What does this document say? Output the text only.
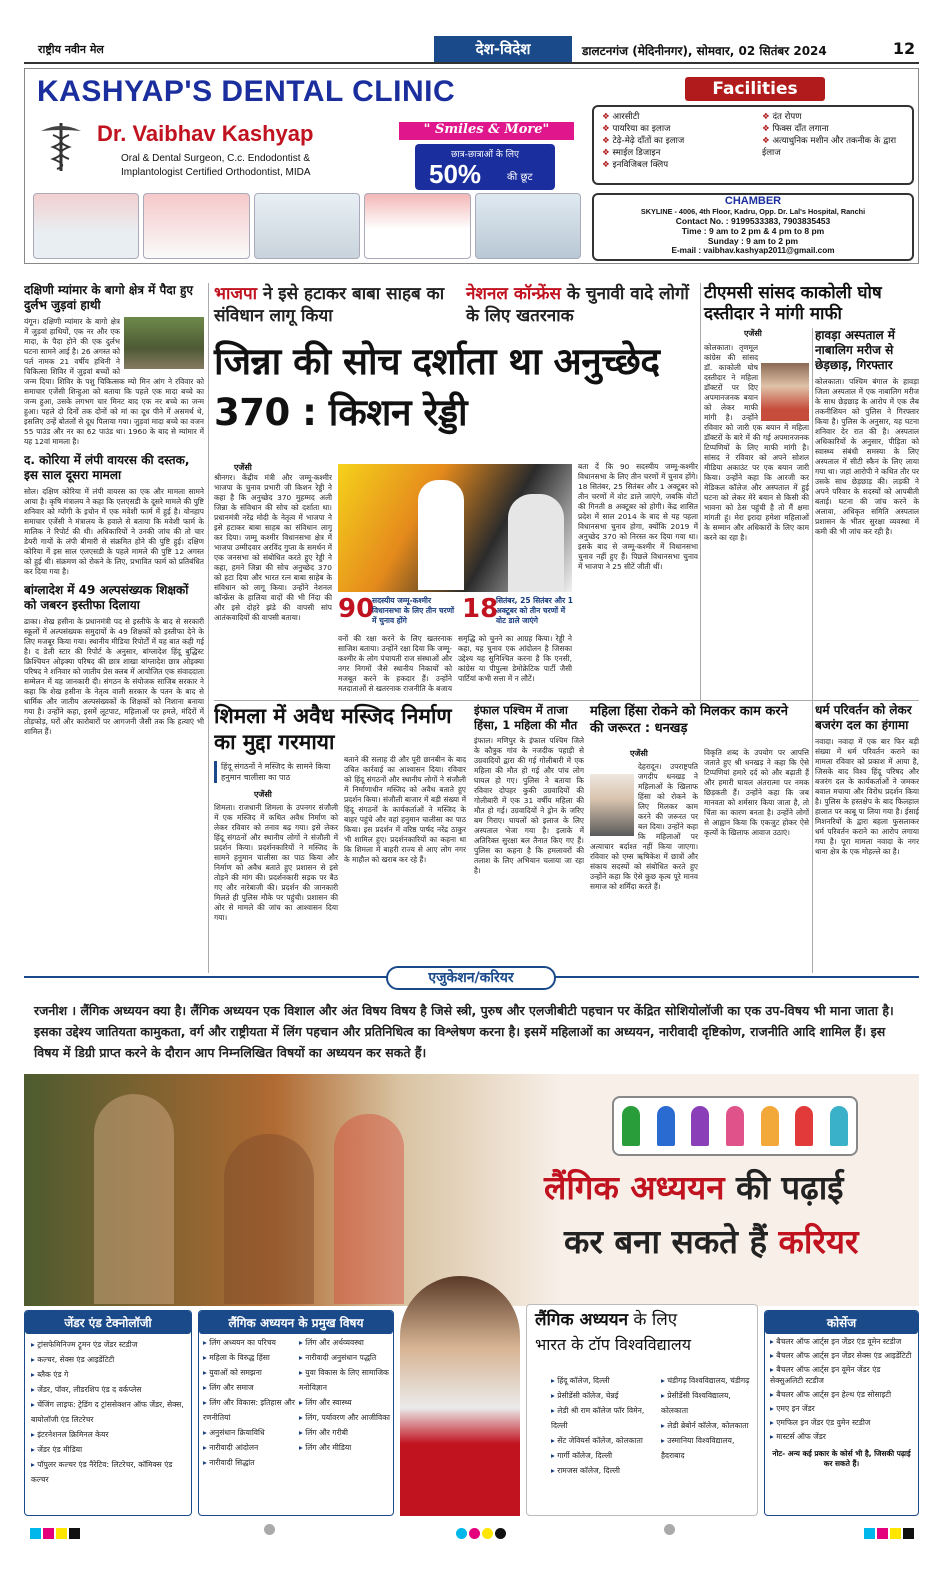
राष्ट्रीय नवीन मेल	देश-विदेश	डालटनगंज (मेदिनीनगर), सोमवार, 02 सितंबर 2024	12
KASHYAP'S DENTAL CLINIC
Dr. Vaibhav Kashyap
Oral & Dental Surgeon, C.c. Endodontist &
Implantologist Certified Orthodontist, MIDA
" Smiles & More"
छात्र-छात्राओं के लिए
50%	की छूट
Facilities
❖ आरसीटी
❖ पायरिया का इलाज
❖ टेढ़े-मेढ़े दाँतों का इलाज
❖ स्माईल डिजाइन
❖ इनविजिबल क्लिप
❖ दंत रोपण
❖ फिक्स दाँत लगाना
❖ अत्याधुनिक मशीन और तकनीक के द्वारा ईलाज
CHAMBER
SKYLINE - 4006, 4th Floor, Kadru, Opp. Dr. Lal's Hospital, Ranchi
Contact No. : 9199533383, 7903835453
Time : 9 am to 2 pm & 4 pm to 8 pm
Sunday : 9 am to 2 pm
E-mail : vaibhav.kashyap2011@gmail.com
दक्षिणी म्यांमार के बागो क्षेत्र में पैदा हुए दुर्लभ जुड़वां हाथी
यंगून। दक्षिणी म्यांमार के बागो क्षेत्र में जुड़वां हाथियों, एक नर और एक मादा, के पैदा होने की एक दुर्लभ घटना सामने आई है। 26 अगस्त को पर्ल नामक 21 वर्षीय हथिनी ने चिकित्सा शिविर में जुड़वां बच्चों को जन्म दिया। शिविर के पशु चिकित्सक म्यो मिन आंग ने रविवार को समाचार एजेंसी शिन्हुआ को बताया कि पहले एक मादा बच्चे का जन्म हुआ, उसके लगभग चार मिनट बाद एक नर बच्चे का जन्म हुआ। पहले दो दिनों तक दोनों को मां का दूध पीने में असमर्थ थे, इसलिए उन्हें बोतलों से दूध पिलाया गया। जुड़वां मादा बच्चे का वजन 55 पाउंड और नर का 62 पाउंड था। 1960 के बाद से म्यांमार में यह 12वां मामला है।
द. कोरिया में लंपी वायरस की दस्तक, इस साल दूसरा मामला
सोल। दक्षिण कोरिया में लंपी वायरस का एक और मामला सामने आया है। कृषि मंत्रालय ने कहा कि एलएसडी के दूसरे मामले की पुष्टि शनिवार को ग्योंगी के इचोन में एक मवेशी फार्म में हुई है। योनहाप समाचार एजेंसी ने मंत्रालय के हवाले से बताया कि मवेशी फार्म के मालिक ने रिपोर्ट की थी। अधिकारियों ने उनकी जांच की तो चार डेयरी गायों के लंपी बीमारी से संक्रमित होने की पुष्टि हुई। दक्षिण कोरिया में इस साल एलएसडी के पहले मामले की पुष्टि 12 अगस्त को हुई थी। संक्रमण को रोकने के लिए, प्रभावित फार्म को प्रतिबंधित कर दिया गया है।
बांग्लादेश में 49 अल्पसंख्यक शिक्षकों को जबरन इस्तीफा दिलाया
ढाका। शेख हसीना के प्रधानमंत्री पद से इस्तीफे के बाद से सरकारी स्कूलों में अल्पसंख्यक समुदायों के 49 शिक्षकों को इस्तीफा देने के लिए मजबूर किया गया। स्थानीय मीडिया रिपोर्टों में यह बात कही गई है। द डेली स्टार की रिपोर्ट के अनुसार, बांग्लादेश हिंदू बुद्धिस्ट क्रिश्चियन ओइक्या परिषद की छात्र शाखा बांग्लादेश छात्र ओइक्या परिषद ने शनिवार को जातीय प्रेस क्लब में आयोजित एक संवाददाता सम्मेलन में यह जानकारी दी। संगठन के संयोजक साजिब सरकार ने कहा कि शेख हसीना के नेतृत्व वाली सरकार के पतन के बाद से धार्मिक और जातीय अल्पसंख्यकों के शिक्षकों को निशाना बनाया गया है। उन्होंने कहा, इसमें लूटपाट, महिलाओं पर हमले, मंदिरों में तोड़फोड़, घरों और कारोबारों पर आगजनी जैसी तक कि हत्याएं भी शामिल हैं।
भाजपा ने इसे हटाकर बाबा साहब का संविधान लागू किया
नेशनल कॉन्फ्रेंस के चुनावी वादे लोगों के लिए खतरनाक
जिन्ना की सोच दर्शाता था अनुच्छेद 370 : किशन रेड्डी
एजेंसी
श्रीनगर। केंद्रीय मंत्री और जम्मू-कश्मीर भाजपा के चुनाव प्रभारी जी किशन रेड्डी ने कहा है कि अनुच्छेद 370 मुहम्मद अली जिन्ना के संविधान की सोच को दर्शाता था। प्रधानमंत्री नरेंद्र मोदी के नेतृत्व में भाजपा ने इसे हटाकर बाबा साहब का संविधान लागू कर दिया। जम्मू कश्मीर विधानसभा क्षेत्र में भाजपा उम्मीदवार अरविंद गुप्ता के समर्थन में एक जनसभा को संबोधित करते हुए रेड्डी ने कहा, हमने जिन्ना की सोच अनुच्छेद 370 को हटा दिया और भारत रत्न बाबा साहेब के संविधान को लागू किया। उन्होंने नेशनल कॉन्फ्रेंस के हालिया वादों की भी निंदा की और इसे दोहरे झंडे की वापसी सांप आतंकवादियों की वापसी बताया।	90
सदस्यीय जम्मू-कश्मीर विधानसभा के लिए तीन चरणों में चुनाव होंगे	18
सितंबर, 25 सितंबर और 1 अक्टूबर को तीन चरणों में वोट डाले जाएंगे
वनों की रक्षा करने के लिए खतरनाक साजिश बताया। उन्होंने रक्षा दिया कि जम्मू-कश्मीर के लोग पंचायती राज संस्थाओं और नगर निगमों जैसे स्थानीय निकायों को मजबूत करने के हकदार हैं। उन्होंने मतदाताओं से खतरनाक राजनीति के बजाय समृद्धि को चुनने का आग्रह किया। रेड्डी ने कहा, यह चुनाव एक आंदोलन है जिसका उद्देश्य यह सुनिश्चित करना है कि एनसी, कांग्रेस या पीपुल्स डेमोक्रेटिक पार्टी जैसी पार्टियां कभी सत्ता में न लौटें।
बता दें कि 90 सदस्यीय जम्मू-कश्मीर विधानसभा के लिए तीन चरणों में चुनाव होंगे। 18 सितंबर, 25 सितंबर और 1 अक्टूबर को तीन चरणों में वोट डाले जाएंगे, जबकि वोटों की गिनती 8 अक्टूबर को होगी। केंद्र शासित प्रदेश में साल 2014 के बाद से यह पहला विधानसभा चुनाव होगा, क्योंकि 2019 में अनुच्छेद 370 को निरस्त कर दिया गया था। इसके बाद से जम्मू-कश्मीर में विधानसभा चुनाव नहीं हुए हैं। पिछले विधानसभा चुनाव में भाजपा ने 25 सीटें जीती थीं।
टीएमसी सांसद काकोली घोष दस्तीदार ने मांगी माफी
एजेंसी
कोलकाता। तृणमूल कांग्रेस की सांसद डॉ. काकोली घोष दस्तीदार ने महिला डॉक्टरों पर दिए अपमानजनक बयान को लेकर माफी मांगी है। उन्होंने रविवार को जारी एक बयान में महिला डॉक्टरों के बारे में की गई अपमानजनक टिप्पणियों के लिए माफी मांगी है। सांसद ने रविवार को अपने सोशल मीडिया अकाउंट पर एक बयान जारी किया। उन्होंने कहा कि आरजी कर मेडिकल कॉलेज और अस्पताल में हुई घटना को लेकर मेरे बयान से किसी की भावना को ठेस पहुंची है तो मैं क्षमा मांगती हूं। मेरा इरादा हमेशा महिलाओं के सम्मान और अधिकारों के लिए काम करने का रहा है।
हावड़ा अस्पताल में नाबालिग मरीज से छेड़छाड़, गिरफ्तार
कोलकाता। पश्चिम बंगाल के हावड़ा जिला अस्पताल में एक नाबालिग मरीज के साथ छेड़छाड़ के आरोप में एक लैब तकनीशियन को पुलिस ने गिरफ्तार किया है। पुलिस के अनुसार, यह घटना शनिवार देर रात की है। अस्पताल अधिकारियों के अनुसार, पीड़िता को स्वास्थ्य संबंधी समस्या के लिए अस्पताल में सीटी स्कैन के लिए लाया गया था। जहां आरोपी ने कथित तौर पर उसके साथ छेड़छाड़ की। लड़की ने अपने परिवार के सदस्यों को आपबीती बताई। घटना की जांच करने के अलावा, अधिकृत समिति अस्पताल प्रशासन के भीतर सुरक्षा व्यवस्था में कमी की भी जांच कर रही है।
शिमला में अवैध मस्जिद निर्माण का मुद्दा गरमाया
हिंदू संगठनों ने मस्जिद के सामने किया हनुमान चालीसा का पाठ
एजेंसी
शिमला। राजधानी शिमला के उपनगर संजौली में एक मस्जिद में कथित अवैध निर्माण को लेकर रविवार को तनाव बढ़ गया। इसे लेकर हिंदू संगठनों और स्थानीय लोगों ने संजौली में प्रदर्शन किया। प्रदर्शनकारियों ने मस्जिद के सामने हनुमान चालीसा का पाठ किया और निर्माण को अवैध बताते हुए प्रशासन से इसे तोड़ने की मांग की। प्रदर्शनकारी सड़क पर बैठ गए और नारेबाजी की। प्रदर्शन की जानकारी मिलते ही पुलिस मौके पर पहुंची। प्रशासन की ओर से मामले की जांच का आश्वासन दिया गया।
बताने की सलाह दी और पूरी छानबीन के बाद उचित कार्रवाई का आश्वासन दिया। रविवार को हिंदू संगठनों और स्थानीय लोगों ने संजौली में निर्माणाधीन मस्जिद को अवैध बताते हुए प्रदर्शन किया। संजौली बाजार में बड़ी संख्या में हिंदू संगठनों के कार्यकर्ताओं ने मस्जिद के बाहर पहुंचे और वहां हनुमान चालीसा का पाठ किया। इस प्रदर्शन में वरिष्ठ पार्षद नरेंद्र ठाकुर भी शामिल हुए। प्रदर्शनकारियों का कहना था कि शिमला में बाहरी राज्य से आए लोग नगर के माहौल को खराब कर रहे हैं।
इंफाल पश्चिम में ताजा हिंसा, 1 महिला की मौत
इंफाल। मणिपुर के इंफाल पश्चिम जिले के कौत्रुक गांव के नजदीक पहाड़ी से उग्रवादियों द्वारा की गई गोलीबारी में एक महिला की मौत हो गई और पांच लोग घायल हो गए। पुलिस ने बताया कि रविवार दोपहर कुकी उग्रवादियों की गोलीबारी में एक 31 वर्षीय महिला की मौत हो गई। उग्रवादियों ने ड्रोन के जरिए बम गिराए। घायलों को इलाज के लिए अस्पताल भेजा गया है। इलाके में अतिरिक्त सुरक्षा बल तैनात किए गए हैं। पुलिस का कहना है कि हमलावरों की तलाश के लिए अभियान चलाया जा रहा है।
महिला हिंसा रोकने को मिलकर काम करने की जरूरत : धनखड़
एजेंसी
देहरादून। उपराष्ट्रपति जगदीप धनखड़ ने महिलाओं के खिलाफ हिंसा को रोकने के लिए मिलकर काम करने की जरूरत पर बल दिया। उन्होंने कहा कि महिलाओं पर अत्याचार बर्दाश्त नहीं किया जाएगा। रविवार को एम्स ऋषिकेश में छात्रों और संकाय सदस्यों को संबोधित करते हुए उन्होंने कहा कि ऐसे कुछ कृत्य पूरे मानव समाज को शर्मिंदा करते हैं।
विकृति शब्द के उपयोग पर आपत्ति जताते हुए श्री धनखड़ ने कहा कि ऐसे टिप्पणियां हमारे दर्द को और बढ़ाती हैं और हमारी घायल अंतरात्मा पर नमक छिड़कती हैं। उन्होंने कहा कि जब मानवता को शर्मसार किया जाता है, तो चिंता का कारण बनता है। उन्होंने लोगों से आह्वान किया कि एकजुट होकर ऐसे कृत्यों के खिलाफ आवाज उठाएं।
धर्म परिवर्तन को लेकर बजरंग दल का हंगामा
नवादा। नवादा में एक बार फिर बड़ी संख्या में धर्म परिवर्तन कराने का मामला रविवार को प्रकाश में आया है, जिसके बाद विश्व हिंदू परिषद और बजरंग दल के कार्यकर्ताओं ने जमकर बवाल मचाया और विरोध प्रदर्शन किया है। पुलिस के हस्तक्षेप के बाद फिलहाल हालात पर काबू पा लिया गया है। ईसाई मिशनरियों के द्वारा बहला फुसलाकर धर्म परिवर्तन कराने का आरोप लगाया गया है। पूरा मामला नवादा के नगर थाना क्षेत्र के एक मोहल्ले का है।
एजुकेशन/करियर
रजनीश । लैंगिक अध्ययन क्या है। लैंगिक अध्ययन एक विशाल और अंत विषय विषय है जिसे स्त्री, पुरुष और एलजीबीटी पहचान पर केंद्रित सोशियोलॉजी का एक उप-विषय भी माना जाता है। इसका उद्देश्य जातियता कामुकता, वर्ग और राष्ट्रीयता में लिंग पहचान और प्रतिनिधित्व का विश्लेषण करना है। इसमें महिलाओं का अध्ययन, नारीवादी दृष्टिकोण, राजनीति आदि शामिल हैं। इस विषय में डिग्री प्राप्त करने के दौरान आप निम्नलिखित विषयों का अध्ययन कर सकते हैं।
लैंगिक अध्ययन की पढ़ाई
कर बना सकते हैं करियर
जेंडर एंड टेक्नोलॉजी
▸ ट्रांसफेमिनिज्म ट्रूमन एंड जेंडर स्टडीज
▸ कल्चर, सेक्स एंड आइडेंटिटी
▸ ब्लैक एंड गे
▸ जेंडर, पॉवर, लीडरशिप एंड द वर्कप्लेस
▸ चेंजिंग लाइफ: ट्रेडिंग द ट्रांससेक्शन ऑफ जेंडर, सेक्स, बायोलॉजी एंड लिटरेचर
▸ इंटरनेशनल क्रिमिनल केयर
▸ जेंडर एंड मीडिया
▸ पॉपुलर कल्चर एंड नैरेटिव: लिटरेचर, कॉमिक्स एंड कल्चर
लैंगिक अध्ययन के प्रमुख विषय
▸ लिंग अध्ययन का परिचय
▸ महिला के विरुद्ध हिंसा
▸ युवाओं को समझना
▸ लिंग और समाज
▸ लिंग और विकास: इतिहास और रणनीतियां
▸ अनुसंधान क्रियाविधि
▸ नारीवादी आंदोलन
▸ नारीवादी सिद्धांत
▸ लिंग और अर्थव्यवस्था
▸ नारीवादी अनुसंधान पद्धति
▸ युवा विकास के लिए सामाजिक मनोविज्ञान
▸ लिंग और स्वास्थ्य
▸ लिंग, पर्यावरण और आजीविका
▸ लिंग और गरीबी
▸ लिंग और मीडिया
लैंगिक अध्ययन के लिए
भारत के टॉप विश्वविद्यालय
▸ हिंदू कॉलेज, दिल्ली
▸ प्रेसीडेंसी कॉलेज, चेन्नई
▸ लेडी श्री राम कॉलेज फॉर विमेन, दिल्ली
▸ सेंट जेवियर्स कॉलेज, कोलकाता
▸ गार्गी कॉलेज, दिल्ली
▸ रामजस कॉलेज, दिल्ली
▸ चंडीगढ़ विश्वविद्यालय, चंडीगढ़
▸ प्रेसीडेंसी विश्वविद्यालय, कोलकाता
▸ लेडी ब्रेबोर्न कॉलेज, कोलकाता
▸ उस्मानिया विश्वविद्यालय, हैदराबाद
कोर्सेज
▸ बैचलर ऑफ आर्ट्स इन जेंडर एंड वूमेन स्टडीज
▸ बैचलर ऑफ आर्ट्स इन जेंडर सेक्स एंड आइडेंटिटी
▸ बैचलर ऑफ आर्ट्स इन वूमेन जेंडर एंड सेक्सुअलिटी स्टडीज
▸ बैचलर ऑफ आर्ट्स इन हेल्थ एंड सोसाइटी
▸ एमए इन जेंडर
▸ एमफिल इन जेंडर एंड वुमेन स्टडीज
▸ मास्टर्स ऑफ जेंडर
नोट- अन्य कई प्रकार के कोर्स भी है, जिसकी पढ़ाई कर सकते हैं।
